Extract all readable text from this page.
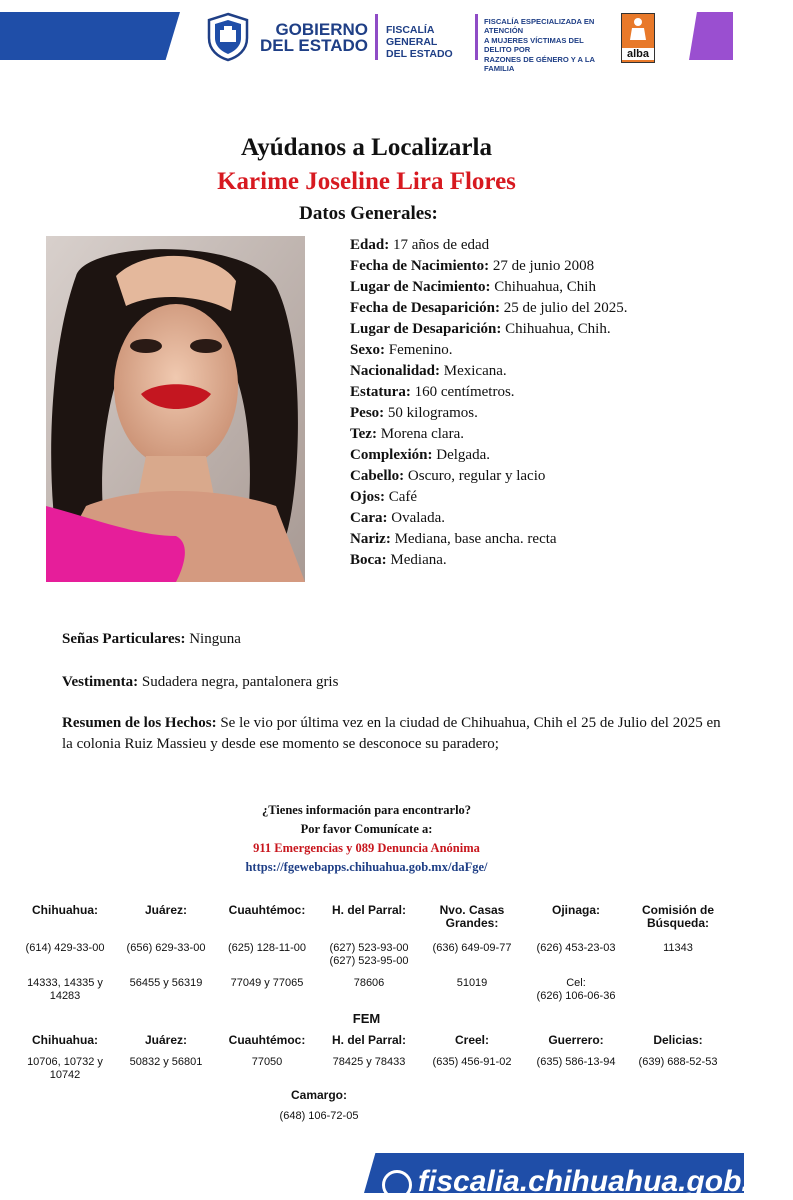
GOBIERNO
DEL ESTADO
FISCALÍA GENERAL
DEL ESTADO
FISCALÍA ESPECIALIZADA EN ATENCIÓN
A MUJERES VÍCTIMAS DEL DELITO POR
RAZONES DE GÉNERO Y A LA FAMILIA
alba
Ayúdanos a Localizarla
Karime Joseline Lira Flores
Datos Generales:
Edad: 17 años de edad
Fecha de Nacimiento: 27 de junio 2008
Lugar de Nacimiento: Chihuahua, Chih
Fecha de Desaparición: 25 de julio del 2025.
Lugar de Desaparición: Chihuahua, Chih.
Sexo: Femenino.
Nacionalidad: Mexicana.
Estatura: 160 centímetros.
Peso: 50 kilogramos.
Tez: Morena clara.
Complexión: Delgada.
Cabello: Oscuro, regular y lacio
Ojos: Café
Cara: Ovalada.
Nariz: Mediana, base ancha. recta
Boca: Mediana.
Señas Particulares: Ninguna
Vestimenta: Sudadera negra, pantalonera gris
Resumen de los Hechos: Se le vio por última vez en la ciudad de Chihuahua, Chih el 25 de Julio del 2025 en la colonia Ruiz Massieu y desde ese momento se desconoce su paradero;
¿Tienes información para encontrarlo?
Por favor Comunícate a:
911 Emergencias y 089 Denuncia Anónima
https://fgewebapps.chihuahua.gob.mx/daFge/
Chihuahua:
(614) 429-33-00
14333, 14335 y 14283
Chihuahua:
10706, 10732 y 10742
Juárez:
(656) 629-33-00
56455 y 56319
Juárez:
50832 y 56801
Cuauhtémoc:
(625) 128-11-00
77049 y 77065
Cuauhtémoc:
77050
H. del Parral:
(627) 523-93-00
(627) 523-95-00
78606
H. del Parral:
78425 y 78433
Nvo. Casas Grandes:
(636) 649-09-77
51019
Creel:
(635) 456-91-02
Ojinaga:
(626) 453-23-03
Cel:
(626) 106-06-36
Guerrero:
(635) 586-13-94
Comisión de Búsqueda:
11343
Delicias:
(639) 688-52-53
Camargo:
(648) 106-72-05
FEM
fiscalia.chihuahua.gob.mx
